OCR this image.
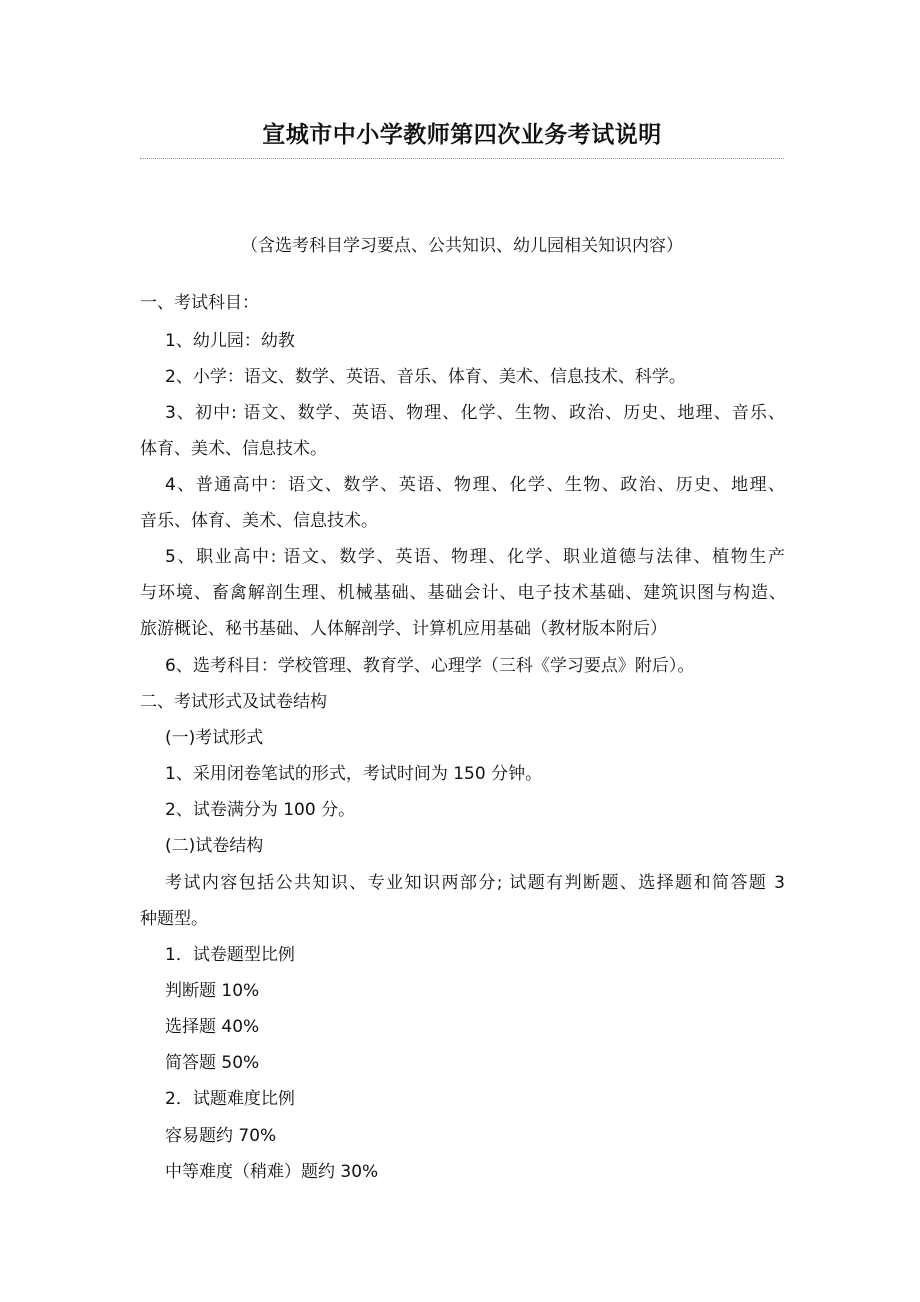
宣城市中小学教师第四次业务考试说明

（含选考科目学习要点、公共知识、幼儿园相关知识内容）

一、考试科目：

1、幼儿园：幼教

2、小学：语文、数学、英语、音乐、体育、美术、信息技术、科学。

3、初中: 语文、数学、英语、物理、化学、生物、政治、历史、地理、音乐、

体育、美术、信息技术。

4、普通高中：语文、数学、英语、物理、化学、生物、政治、历史、地理、

音乐、体育、美术、信息技术。

5、职业高中: 语文、数学、英语、物理、化学、职业道德与法律、植物生产

与环境、畜禽解剖生理、机械基础、基础会计、电子技术基础、建筑识图与构造、

旅游概论、秘书基础、人体解剖学、计算机应用基础（教材版本附后）

6、选考科目：学校管理、教育学、心理学（三科《学习要点》附后）。

二、考试形式及试卷结构

(一)考试形式

1、采用闭卷笔试的形式，考试时间为 150 分钟。

2、试卷满分为 100 分。

(二)试卷结构

考试内容包括公共知识、专业知识两部分; 试题有判断题、选择题和简答题 3

种题型。

1．试卷题型比例

判断题 10%

选择题 40%

简答题 50%

2．试题难度比例

容易题约 70%

中等难度（稍难）题约 30%
